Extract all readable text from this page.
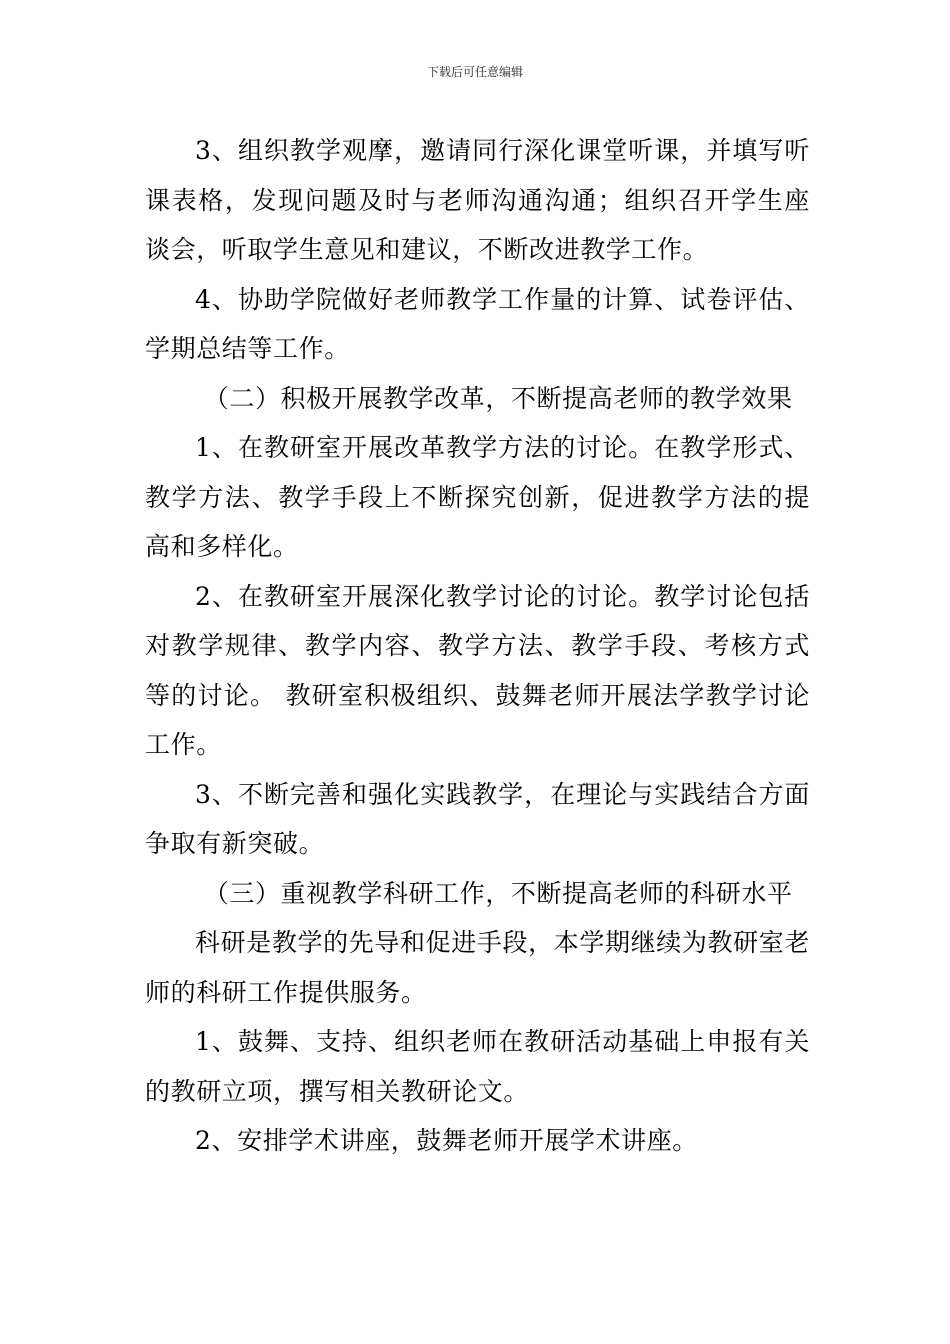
下载后可任意编辑

3、组织教学观摩，邀请同行深化课堂听课，并填写听课表格，发现问题及时与老师沟通沟通；组织召开学生座谈会，听取学生意见和建议，不断改进教学工作。

4、协助学院做好老师教学工作量的计算、试卷评估、学期总结等工作。

（二）积极开展教学改革，不断提高老师的教学效果

1、在教研室开展改革教学方法的讨论。在教学形式、教学方法、教学手段上不断探究创新，促进教学方法的提高和多样化。

2、在教研室开展深化教学讨论的讨论。教学讨论包括对教学规律、教学内容、教学方法、教学手段、考核方式等的讨论。 教研室积极组织、鼓舞老师开展法学教学讨论工作。

3、不断完善和强化实践教学，在理论与实践结合方面争取有新突破。

（三）重视教学科研工作，不断提高老师的科研水平

科研是教学的先导和促进手段，本学期继续为教研室老师的科研工作提供服务。

1、鼓舞、支持、组织老师在教研活动基础上申报有关的教研立项，撰写相关教研论文。

2、安排学术讲座，鼓舞老师开展学术讲座。
